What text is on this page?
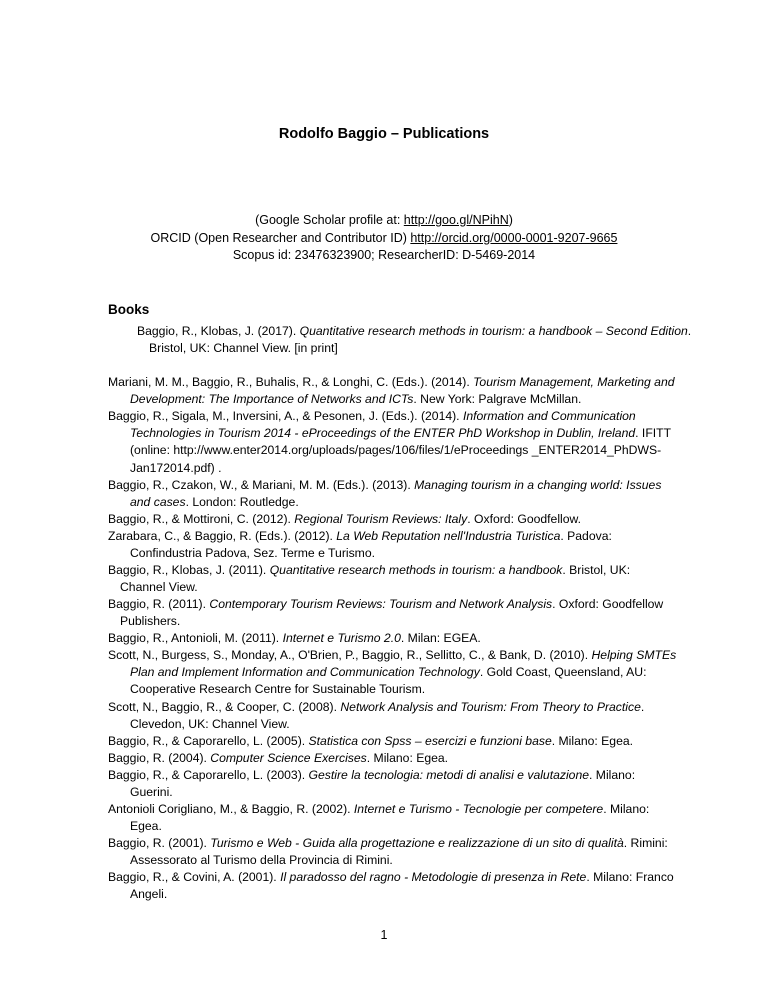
Rodolfo Baggio – Publications
(Google Scholar profile at: http://goo.gl/NPihN)
ORCID (Open Researcher and Contributor ID) http://orcid.org/0000-0001-9207-9665
Scopus id: 23476323900; ResearcherID: D-5469-2014
Books

Baggio, R., Klobas, J. (2017). Quantitative research methods in tourism: a handbook – Second Edition. Bristol, UK: Channel View. [in print]

Mariani, M. M., Baggio, R., Buhalis, R., & Longhi, C. (Eds.). (2014). Tourism Management, Marketing and Development: The Importance of Networks and ICTs. New York: Palgrave McMillan.

Baggio, R., Sigala, M., Inversini, A., & Pesonen, J. (Eds.). (2014). Information and Communication Technologies in Tourism 2014 - eProceedings of the ENTER PhD Workshop in Dublin, Ireland. IFITT (online: http://www.enter2014.org/uploads/pages/106/files/1/eProceedings _ENTER2014_PhDWS-Jan172014.pdf) .

Baggio, R., Czakon, W., & Mariani, M. M. (Eds.). (2013). Managing tourism in a changing world: Issues and cases. London: Routledge.

Baggio, R., & Mottironi, C. (2012). Regional Tourism Reviews: Italy. Oxford: Goodfellow.

Zarabara, C., & Baggio, R. (Eds.). (2012). La Web Reputation nell'Industria Turistica. Padova: Confindustria Padova, Sez. Terme e Turismo.

Baggio, R., Klobas, J. (2011). Quantitative research methods in tourism: a handbook. Bristol, UK: Channel View.

Baggio, R. (2011). Contemporary Tourism Reviews: Tourism and Network Analysis. Oxford: Goodfellow Publishers.

Baggio, R., Antonioli, M. (2011). Internet e Turismo 2.0. Milan: EGEA.

Scott, N., Burgess, S., Monday, A., O'Brien, P., Baggio, R., Sellitto, C., & Bank, D. (2010). Helping SMTEs Plan and Implement Information and Communication Technology. Gold Coast, Queensland, AU: Cooperative Research Centre for Sustainable Tourism.

Scott, N., Baggio, R., & Cooper, C. (2008). Network Analysis and Tourism: From Theory to Practice. Clevedon, UK: Channel View.

Baggio, R., & Caporarello, L. (2005). Statistica con Spss – esercizi e funzioni base. Milano: Egea.

Baggio, R. (2004). Computer Science Exercises. Milano: Egea.

Baggio, R., & Caporarello, L. (2003). Gestire la tecnologia: metodi di analisi e valutazione. Milano: Guerini.

Antonioli Corigliano, M., & Baggio, R. (2002). Internet e Turismo - Tecnologie per competere. Milano: Egea.

1

Baggio, R. (2001). Turismo e Web - Guida alla progettazione e realizzazione di un sito di qualità. Rimini: Assessorato al Turismo della Provincia di Rimini.

Baggio, R., & Covini, A. (2001). Il paradosso del ragno - Metodologie di presenza in Rete. Milano: Franco Angeli.
